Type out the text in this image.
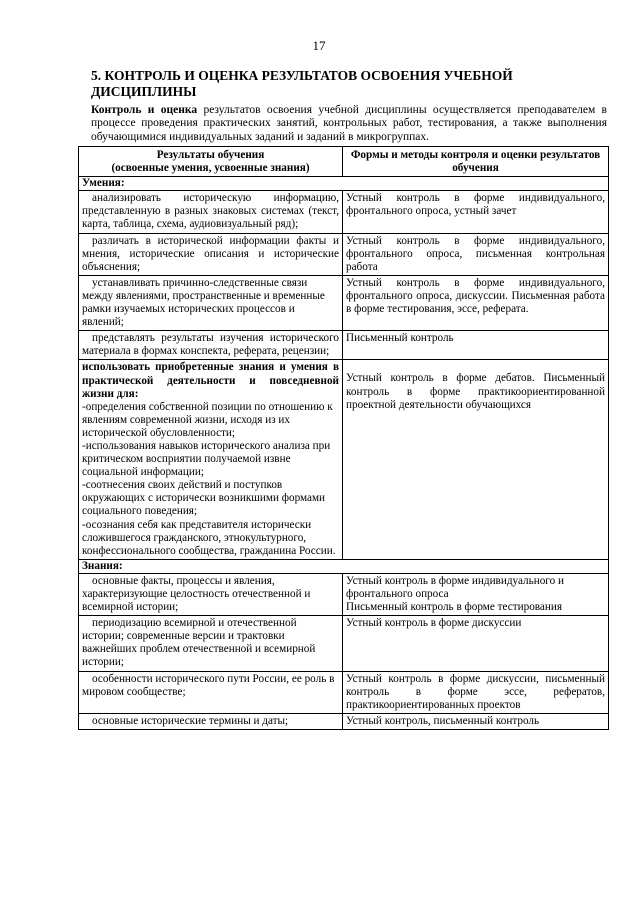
17
5. КОНТРОЛЬ И ОЦЕНКА РЕЗУЛЬТАТОВ ОСВОЕНИЯ УЧЕБНОЙ ДИСЦИПЛИНЫ
Контроль и оценка результатов освоения учебной дисциплины осуществляется преподавателем в процессе проведения практических занятий, контрольных работ, тестирования, а также выполнения обучающимися индивидуальных заданий и заданий в микрогруппах.
Результаты обучения
(освоенные умения, усвоенные знания)	Формы и методы контроля и оценки результатов обучения
Умения:	
анализировать историческую информацию, представленную в разных знаковых системах (текст, карта, таблица, схема, аудиовизуальный ряд);	Устный контроль в форме индивидуального, фронтального опроса, устный зачет
различать в исторической информации факты и мнения, исторические описания и исторические объяснения;	Устный контроль в форме индивидуального, фронтального опроса, письменная контрольная работа
устанавливать причинно-следственные связи между явлениями, пространственные и временные рамки изучаемых исторических процессов и явлений;	Устный контроль в форме индивидуального, фронтального опроса, дискуссии. Письменная работа в форме тестирования, эссе, реферата.
представлять результаты изучения исторического материала в формах конспекта, реферата, рецензии;	Письменный контроль

использовать приобретенные знания и умения в практической деятельности и повседневной жизни для:
-определения собственной позиции по отношению к явлениям современной жизни, исходя из их исторической обусловленности;
-использования навыков исторического анализа при критическом восприятии получаемой извне социальной информации;
-соотнесения своих действий и поступков окружающих с исторически возникшими формами социального поведения;
-осознания себя как представителя исторически сложившегося гражданского, этнокультурного, конфессионального сообщества, гражданина России.	Устный контроль в форме дебатов. Письменный контроль в форме практикоориентированной проектной деятельности обучающихся
Знания:	
основные факты, процессы и явления, характеризующие целостность отечественной и всемирной истории;	Устный контроль в форме индивидуального и фронтального опроса
Письменный контроль в форме тестирования

периодизацию всемирной и отечественной истории; современные версии и трактовки важнейших проблем отечественной и всемирной истории;	Устный контроль в форме дискуссии

особенности исторического пути России, ее роль в мировом сообществе;	Устный контроль в форме дискуссии, письменный контроль в форме эссе, рефератов, практикоориентированных проектов

основные исторические термины и даты;	Устный контроль, письменный контроль
